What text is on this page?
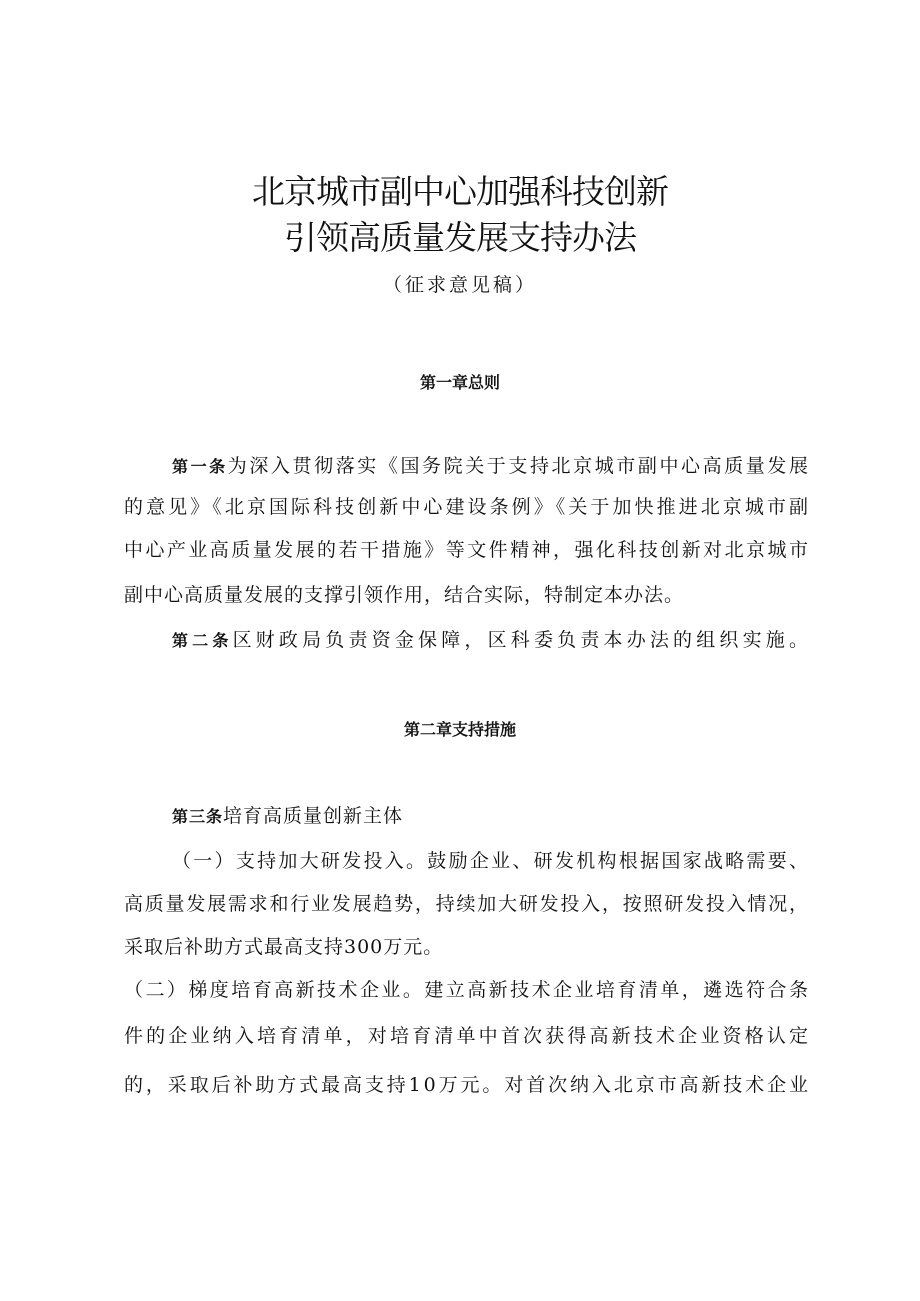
北京城市副中心加强科技创新
引领高质量发展支持办法
（征求意见稿）
第一章总则
第一条为深入贯彻落实《国务院关于支持北京城市副中心高质量发展
的意见》《北京国际科技创新中心建设条例》《关于加快推进北京城市副
中心产业高质量发展的若干措施》等文件精神，强化科技创新对北京城市
副中心高质量发展的支撑引领作用，结合实际，特制定本办法。
第二条区财政局负责资金保障，区科委负责本办法的组织实施。
第二章支持措施
第三条培育高质量创新主体
（一）支持加大研发投入。鼓励企业、研发机构根据国家战略需要、
高质量发展需求和行业发展趋势，持续加大研发投入，按照研发投入情况，
采取后补助方式最高支持300万元。
（二）梯度培育高新技术企业。建立高新技术企业培育清单，遴选符合条
件的企业纳入培育清单，对培育清单中首次获得高新技术企业资格认定
的，采取后补助方式最高支持10万元。对首次纳入北京市高新技术企业
